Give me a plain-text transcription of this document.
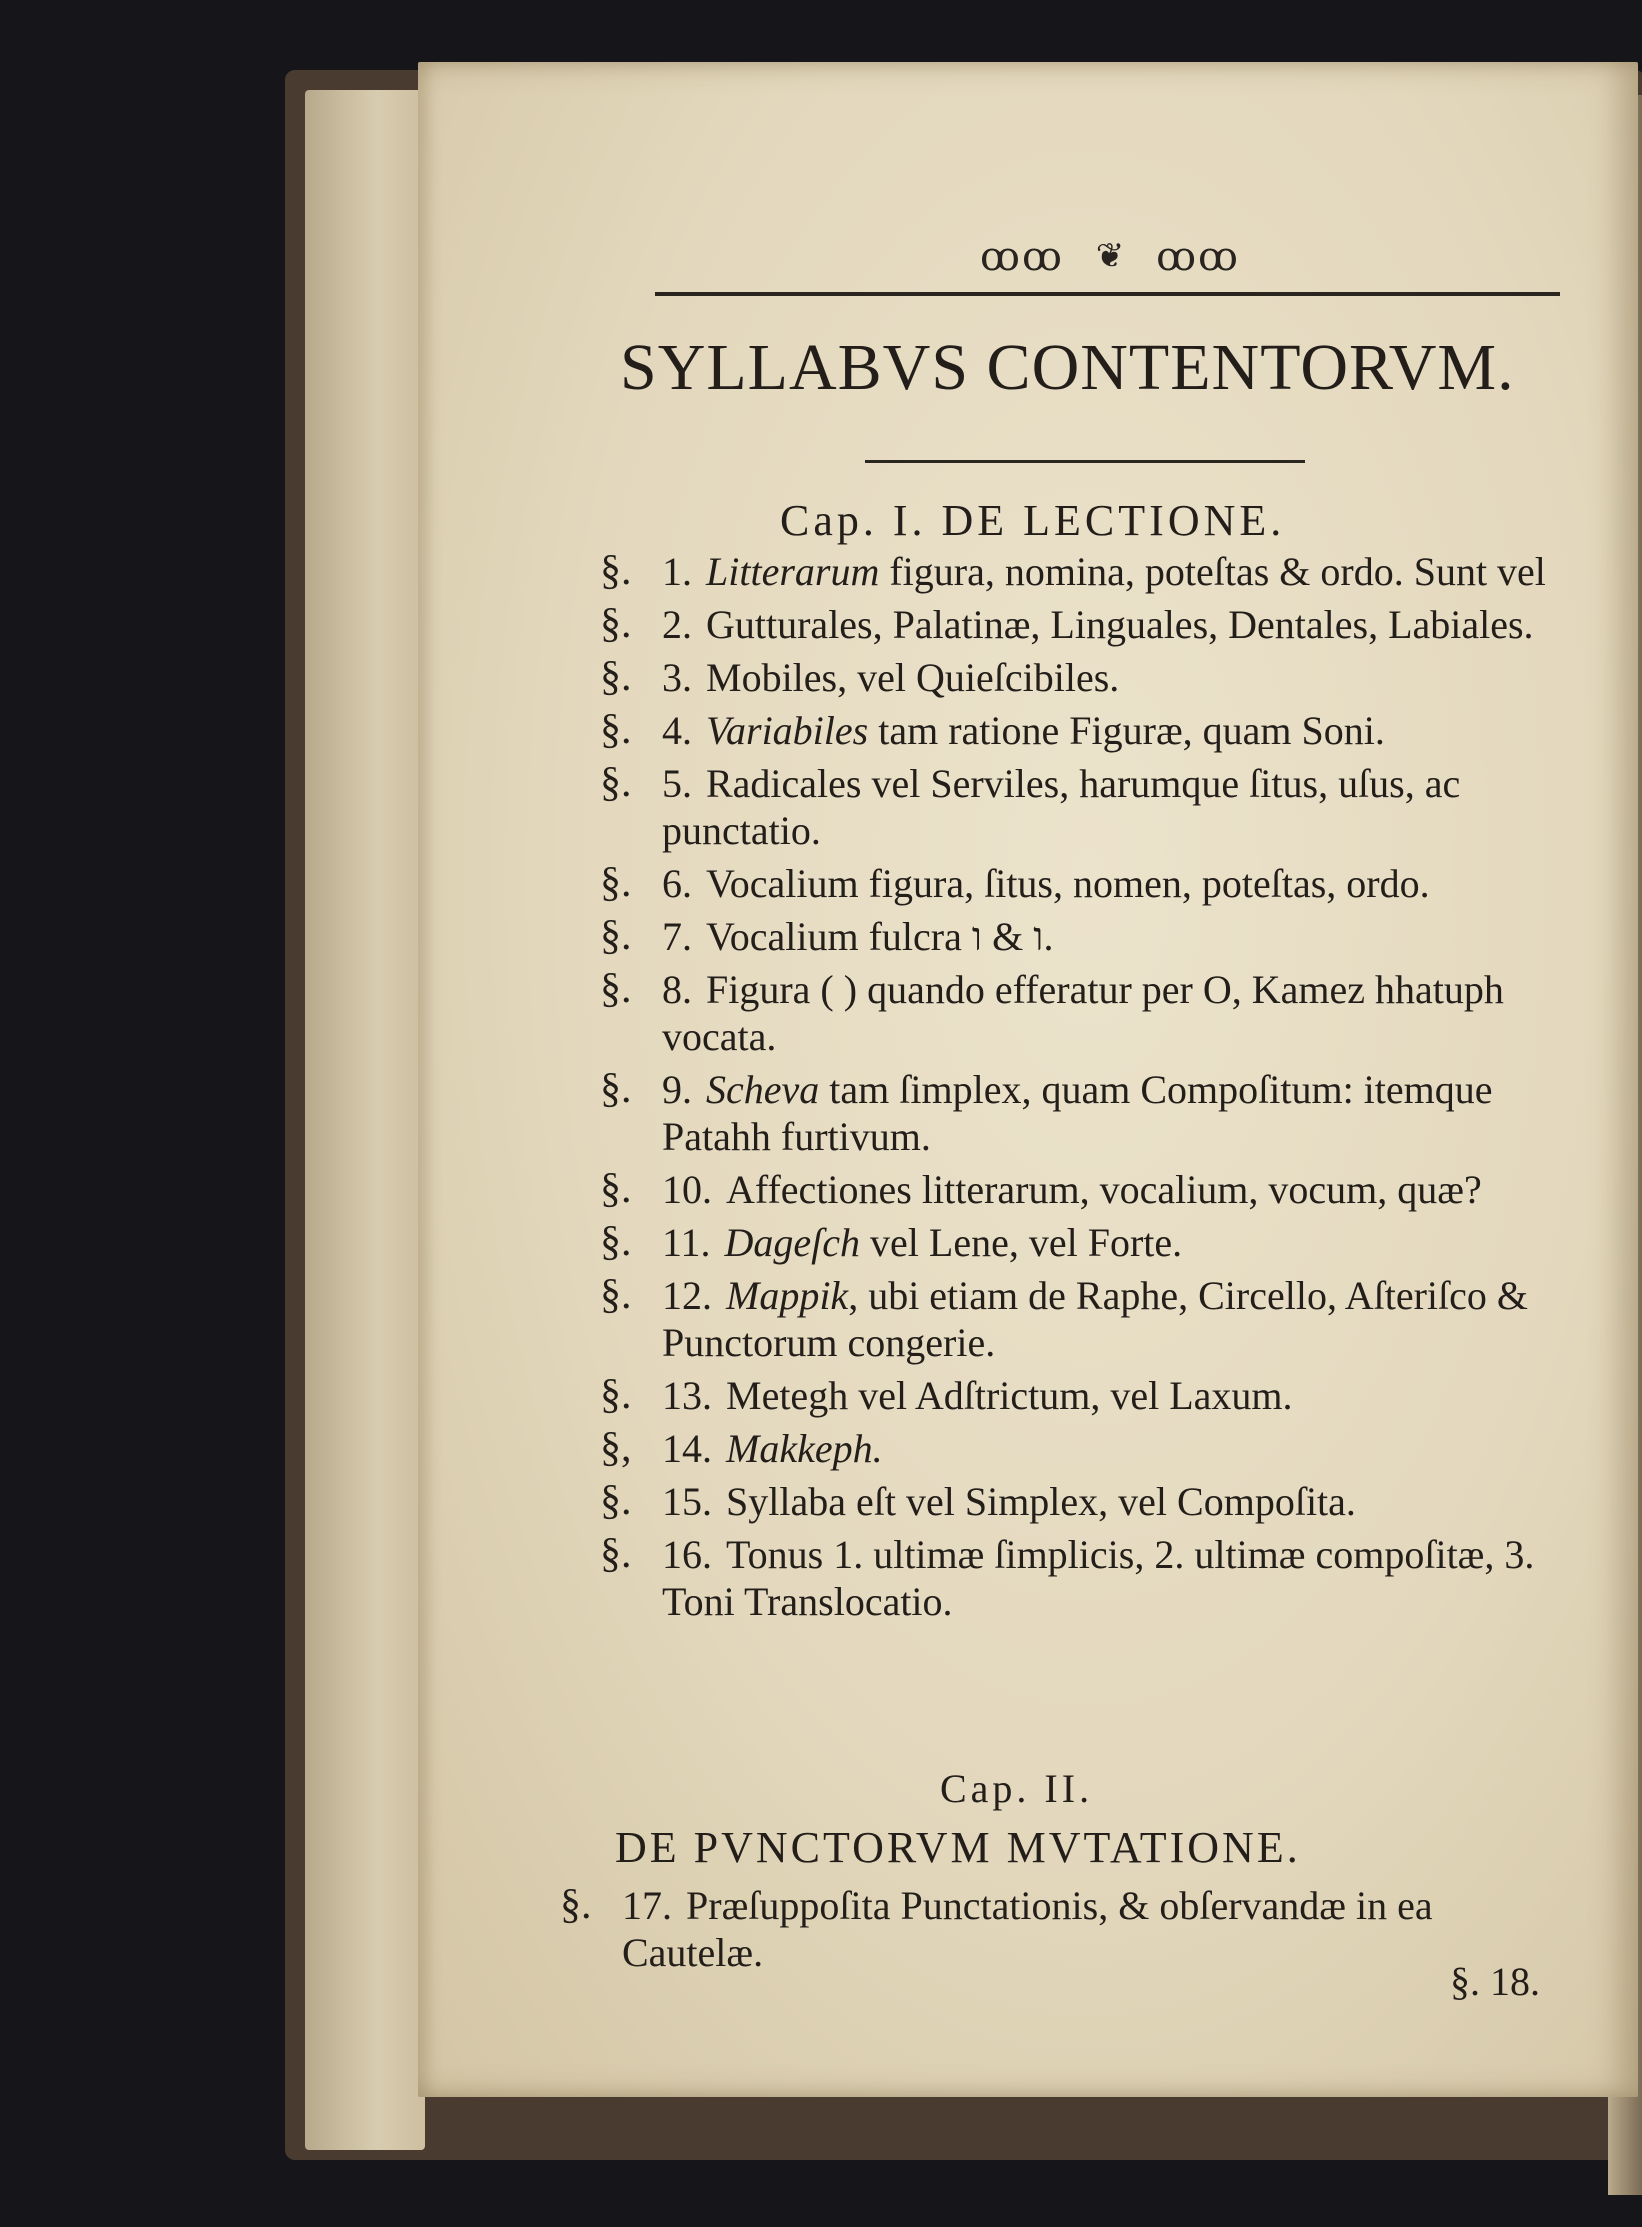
ꝏꝏ ❦ ꝏꝏ
SYLLABVS CONTENTORVM.
Cap. I. DE LECTIONE.
§. 1. Litterarum figura, nomina, poteſtas & ordo. Sunt vel
§. 2. Gutturales, Palatinæ, Linguales, Dentales, Labiales.
§. 3. Mobiles, vel Quieſcibiles.
§. 4. Variabiles tam ratione Figuræ, quam Soni.
§. 5. Radicales vel Serviles, harumque ſitus, uſus, ac punctatio.
§. 6. Vocalium figura, ſitus, nomen, poteſtas, ordo.
§. 7. Vocalium fulcra ו & ו.
§. 8. Figura ( ) quando efferatur per O, Kamez hhatuph vocata.
§. 9. Scheva tam ſimplex, quam Compoſitum: itemque Patahh furtivum.
§. 10. Affectiones litterarum, vocalium, vocum, quæ?
§. 11. Dageſch vel Lene, vel Forte.
§. 12. Mappik, ubi etiam de Raphe, Circello, Aſteriſco & Punctorum congerie.
§. 13. Metegh vel Adſtrictum, vel Laxum.
§, 14. Makkeph.
§. 15. Syllaba eſt vel Simplex, vel Compoſita.
§. 16. Tonus 1. ultimæ ſimplicis, 2. ultimæ compoſitæ, 3. Toni Translocatio.
Cap. II.
DE PVNCTORVM MVTATIONE.
§. 17. Præſuppoſita Punctationis, & obſervandæ in ea Cautelæ.
§. 18.
